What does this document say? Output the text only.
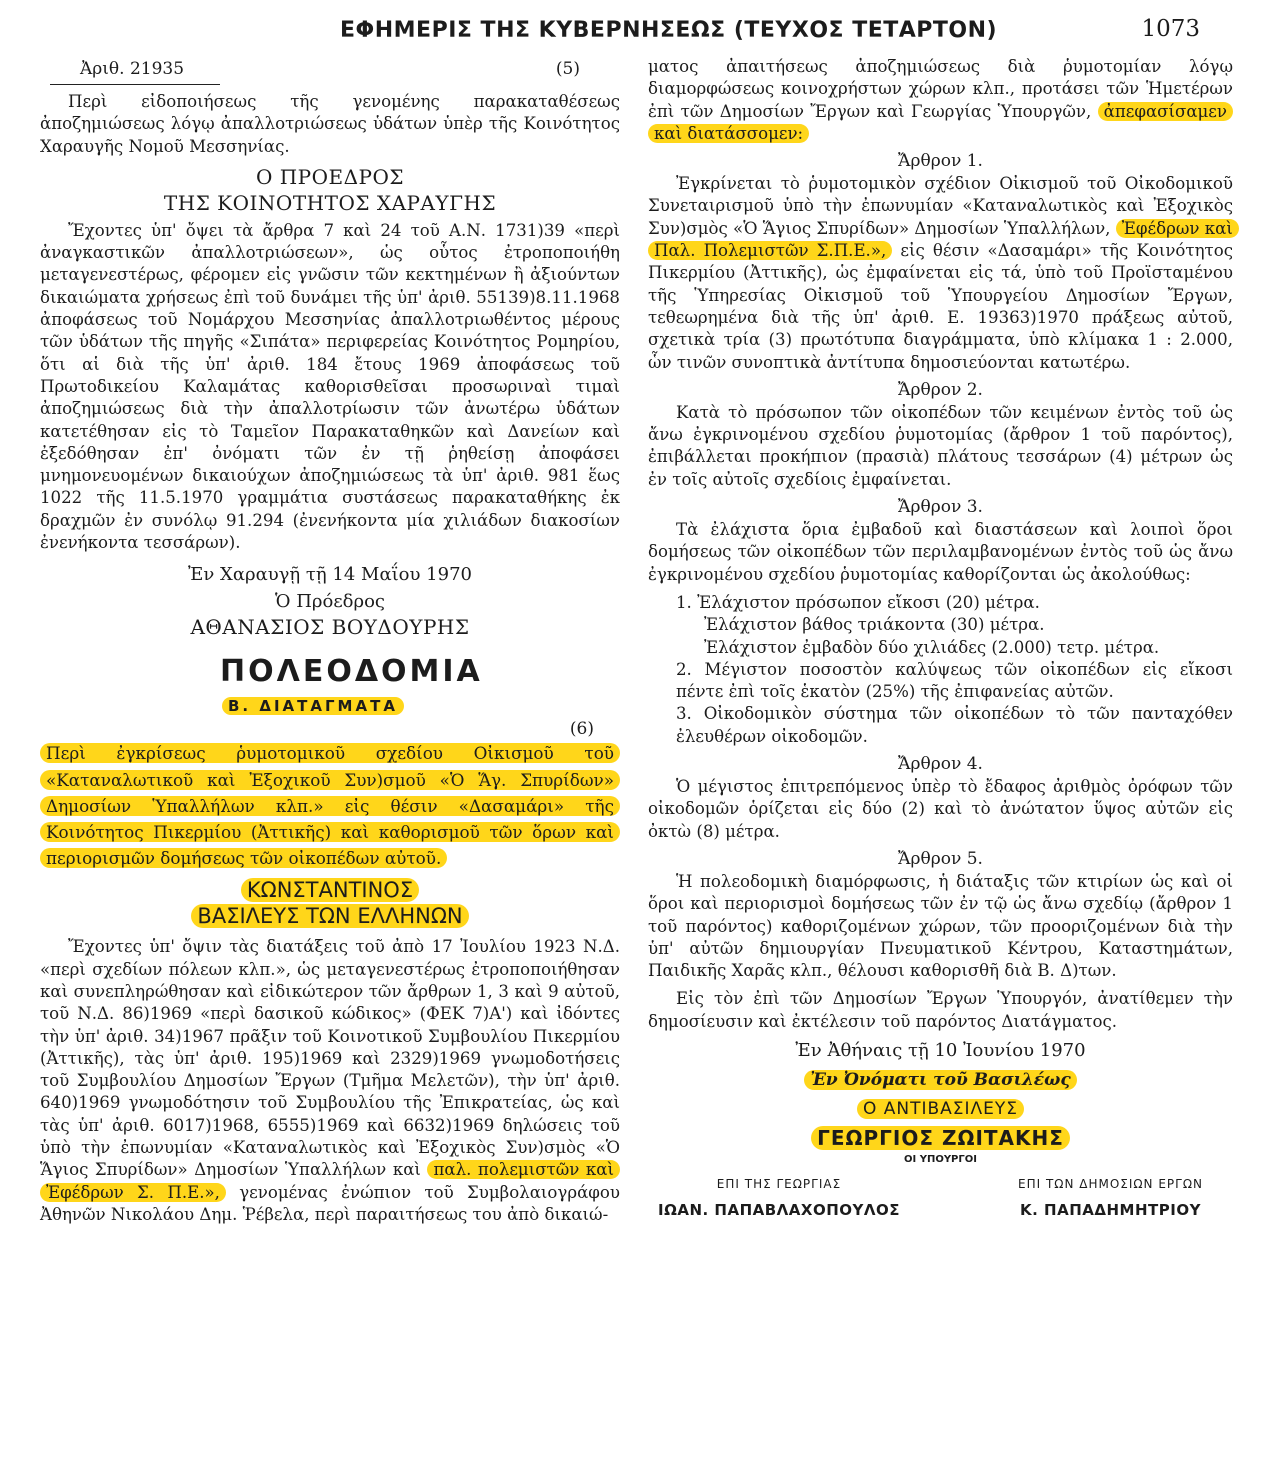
ΕΦΗΜΕΡΙΣ ΤΗΣ ΚΥΒΕΡΝΗΣΕΩΣ (ΤΕΥΧΟΣ ΤΕΤΑΡΤΟΝ)	1073
Ἀριθ. 21935	(5)

Περὶ εἰδοποιήσεως τῆς γενομένης παρακαταθέσεως ἀποζημιώσεως λόγῳ ἀπαλλοτριώσεως ὑδάτων ὑπὲρ τῆς Κοινότητος Χαραυγῆς Νομοῦ Μεσσηνίας.

Ο ΠΡΟΕΔΡΟΣ
ΤΗΣ ΚΟΙΝΟΤΗΤΟΣ ΧΑΡΑΥΓΗΣ

Ἔχοντες ὑπ' ὄψει τὰ ἄρθρα 7 καὶ 24 τοῦ Α.Ν. 1731)39 «περὶ ἀναγκαστικῶν ἀπαλλοτριώσεων», ὡς οὗτος ἐτροποποιήθη μεταγενεστέρως, φέρομεν εἰς γνῶσιν τῶν κεκτημένων ἢ ἀξιούντων δικαιώματα χρήσεως ἐπὶ τοῦ δυνάμει τῆς ὑπ' ἀριθ. 55139)8.11.1968 ἀποφάσεως τοῦ Νομάρχου Μεσσηνίας ἀπαλλοτριωθέντος μέρους τῶν ὑδάτων τῆς πηγῆς «Σιπάτα» περιφερείας Κοινότητος Ρομηρίου, ὅτι αἱ διὰ τῆς ὑπ' ἀριθ. 184 ἔτους 1969 ἀποφάσεως τοῦ Πρωτοδικείου Καλαμάτας καθορισθεῖσαι προσωριναὶ τιμαὶ ἀποζημιώσεως διὰ τὴν ἀπαλλοτρίωσιν τῶν ἀνωτέρω ὑδάτων κατετέθησαν εἰς τὸ Ταμεῖον Παρακαταθηκῶν καὶ Δανείων καὶ ἐξεδόθησαν ἐπ' ὀνόματι τῶν ἐν τῇ ῥηθείσῃ ἀποφάσει μνημονευομένων δικαιούχων ἀποζημιώσεως τὰ ὑπ' ἀριθ. 981 ἕως 1022 τῆς 11.5.1970 γραμμάτια συστάσεως παρακαταθήκης ἐκ δραχμῶν ἐν συνόλῳ 91.294 (ἐνενήκοντα μία χιλιάδων διακοσίων ἐνενήκοντα τεσσάρων).

Ἐν Χαραυγῇ τῇ 14 Μαΐου 1970
Ὁ Πρόεδρος
ΑΘΑΝΑΣΙΟΣ ΒΟΥΔΟΥΡΗΣ
ΠΟΛΕΟΔΟΜΙΑ
Β. ΔΙΑΤΑΓΜΑΤΑ
(6)

Περὶ ἐγκρίσεως ῥυμοτομικοῦ σχεδίου Οἰκισμοῦ τοῦ «Καταναλωτικοῦ καὶ Ἐξοχικοῦ Συν)σμοῦ «Ὁ Ἅγ. Σπυρίδων» Δημοσίων Ὑπαλλήλων κλπ.» εἰς θέσιν «Δασαμάρι» τῆς Κοινότητος Πικερμίου (Ἀττικῆς) καὶ καθορισμοῦ τῶν ὅρων καὶ περιορισμῶν δομήσεως τῶν οἰκοπέδων αὐτοῦ.

ΚΩΝΣΤΑΝΤΙΝΟΣ
ΒΑΣΙΛΕΥΣ ΤΩΝ ΕΛΛΗΝΩΝ

Ἔχοντες ὑπ' ὄψιν τὰς διατάξεις τοῦ ἀπὸ 17 Ἰουλίου 1923 Ν.Δ. «περὶ σχεδίων πόλεων κλπ.», ὡς μεταγενεστέρως ἐτροποποιήθησαν καὶ συνεπληρώθησαν καὶ εἰδικώτερον τῶν ἄρθρων 1, 3 καὶ 9 αὐτοῦ, τοῦ Ν.Δ. 86)1969 «περὶ δασικοῦ κώδικος» (ΦΕΚ 7)Α') καὶ ἰδόντες τὴν ὑπ' ἀριθ. 34)1967 πρᾶξιν τοῦ Κοινοτικοῦ Συμβουλίου Πικερμίου (Ἀττικῆς), τὰς ὑπ' ἀριθ. 195)1969 καὶ 2329)1969 γνωμοδοτήσεις τοῦ Συμβουλίου Δημοσίων Ἔργων (Τμῆμα Μελετῶν), τὴν ὑπ' ἀριθ. 640)1969 γνωμοδότησιν τοῦ Συμβουλίου τῆς Ἐπικρατείας, ὡς καὶ τὰς ὑπ' ἀριθ. 6017)1968, 6555)1969 καὶ 6632)1969 δηλώσεις τοῦ ὑπὸ τὴν ἐπωνυμίαν «Καταναλωτικὸς καὶ Ἐξοχικὸς Συν)σμὸς «Ὁ Ἅγιος Σπυρίδων» Δημοσίων Ὑπαλλήλων καὶ παλ. πολεμιστῶν καὶ Ἐφέδρων Σ. Π.Ε.», γενομένας ἐνώπιον τοῦ Συμβολαιογράφου Ἀθηνῶν Νικολάου Δημ. Ῥέβελα, περὶ παραιτήσεως του ἀπὸ δικαιώ-

ματος ἀπαιτήσεως ἀποζημιώσεως διὰ ῥυμοτομίαν λόγῳ διαμορφώσεως κοινοχρήστων χώρων κλπ., προτάσει τῶν Ἡμετέρων ἐπὶ τῶν Δημοσίων Ἔργων καὶ Γεωργίας Ὑπουργῶν, ἀπεφασίσαμεν καὶ διατάσσομεν:

Ἄρθρον 1.

Ἐγκρίνεται τὸ ῥυμοτομικὸν σχέδιον Οἰκισμοῦ τοῦ Οἰκοδομικοῦ Συνεταιρισμοῦ ὑπὸ τὴν ἐπωνυμίαν «Καταναλωτικὸς καὶ Ἐξοχικὸς Συν)σμὸς «Ὁ Ἅγιος Σπυρίδων» Δημοσίων Ὑπαλλήλων, Ἐφέδρων καὶ Παλ. Πολεμιστῶν Σ.Π.Ε.», εἰς θέσιν «Δασαμάρι» τῆς Κοινότητος Πικερμίου (Ἀττικῆς), ὡς ἐμφαίνεται εἰς τά, ὑπὸ τοῦ Προϊσταμένου τῆς Ὑπηρεσίας Οἰκισμοῦ τοῦ Ὑπουργείου Δημοσίων Ἔργων, τεθεωρημένα διὰ τῆς ὑπ' ἀριθ. Ε. 19363)1970 πράξεως αὐτοῦ, σχετικὰ τρία (3) πρωτότυπα διαγράμματα, ὑπὸ κλίμακα 1 : 2.000, ὧν τινῶν συνοπτικὰ ἀντίτυπα δημοσιεύονται κατωτέρω.

Ἄρθρον 2.

Κατὰ τὸ πρόσωπον τῶν οἰκοπέδων τῶν κειμένων ἐντὸς τοῦ ὡς ἄνω ἐγκρινομένου σχεδίου ῥυμοτομίας (ἄρθρον 1 τοῦ παρόντος), ἐπιβάλλεται προκήπιον (πρασιὰ) πλάτους τεσσάρων (4) μέτρων ὡς ἐν τοῖς αὐτοῖς σχεδίοις ἐμφαίνεται.

Ἄρθρον 3.

Τὰ ἐλάχιστα ὅρια ἐμβαδοῦ καὶ διαστάσεων καὶ λοιποὶ ὅροι δομήσεως τῶν οἰκοπέδων τῶν περιλαμβανομένων ἐντὸς τοῦ ὡς ἄνω ἐγκρινομένου σχεδίου ῥυμοτομίας καθορίζονται ὡς ἀκολούθως:

1. Ἐλάχιστον πρόσωπον εἴκοσι (20) μέτρα.

Ἐλάχιστον βάθος τριάκοντα (30) μέτρα.

Ἐλάχιστον ἐμβαδὸν δύο χιλιάδες (2.000) τετρ. μέτρα.

2. Μέγιστον ποσοστὸν καλύψεως τῶν οἰκοπέδων εἰς εἴκοσι πέντε ἐπὶ τοῖς ἑκατὸν (25%) τῆς ἐπιφανείας αὐτῶν.

3. Οἰκοδομικὸν σύστημα τῶν οἰκοπέδων τὸ τῶν πανταχόθεν ἐλευθέρων οἰκοδομῶν.

Ἄρθρον 4.

Ὁ μέγιστος ἐπιτρεπόμενος ὑπὲρ τὸ ἔδαφος ἀριθμὸς ὀρόφων τῶν οἰκοδομῶν ὁρίζεται εἰς δύο (2) καὶ τὸ ἀνώτατον ὕψος αὐτῶν εἰς ὀκτὼ (8) μέτρα.

Ἄρθρον 5.

Ἡ πολεοδομικὴ διαμόρφωσις, ἡ διάταξις τῶν κτιρίων ὡς καὶ οἱ ὅροι καὶ περιορισμοὶ δομήσεως τῶν ἐν τῷ ὡς ἄνω σχεδίῳ (ἄρθρον 1 τοῦ παρόντος) καθοριζομένων χώρων, τῶν προοριζομένων διὰ τὴν ὑπ' αὐτῶν δημιουργίαν Πνευματικοῦ Κέντρου, Καταστημάτων, Παιδικῆς Χαρᾶς κλπ., θέλουσι καθορισθῆ διὰ Β. Δ)των.

Εἰς τὸν ἐπὶ τῶν Δημοσίων Ἔργων Ὑπουργόν, ἀνατίθεμεν τὴν δημοσίευσιν καὶ ἐκτέλεσιν τοῦ παρόντος Διατάγματος.

Ἐν Ἀθήναις τῇ 10 Ἰουνίου 1970
Ἐν Ὀνόματι τοῦ Βασιλέως
Ο ΑΝΤΙΒΑΣΙΛΕΥΣ
ΓΕΩΡΓΙΟΣ ΖΩΙΤΑΚΗΣ
ΟΙ ΥΠΟΥΡΓΟΙ
ΕΠΙ ΤΗΣ ΓΕΩΡΓΙΑΣ
ΙΩΑΝ. ΠΑΠΑΒΛΑΧΟΠΟΥΛΟΣ
ΕΠΙ ΤΩΝ ΔΗΜΟΣΙΩΝ ΕΡΓΩΝ
Κ. ΠΑΠΑΔΗΜΗΤΡΙΟΥ
